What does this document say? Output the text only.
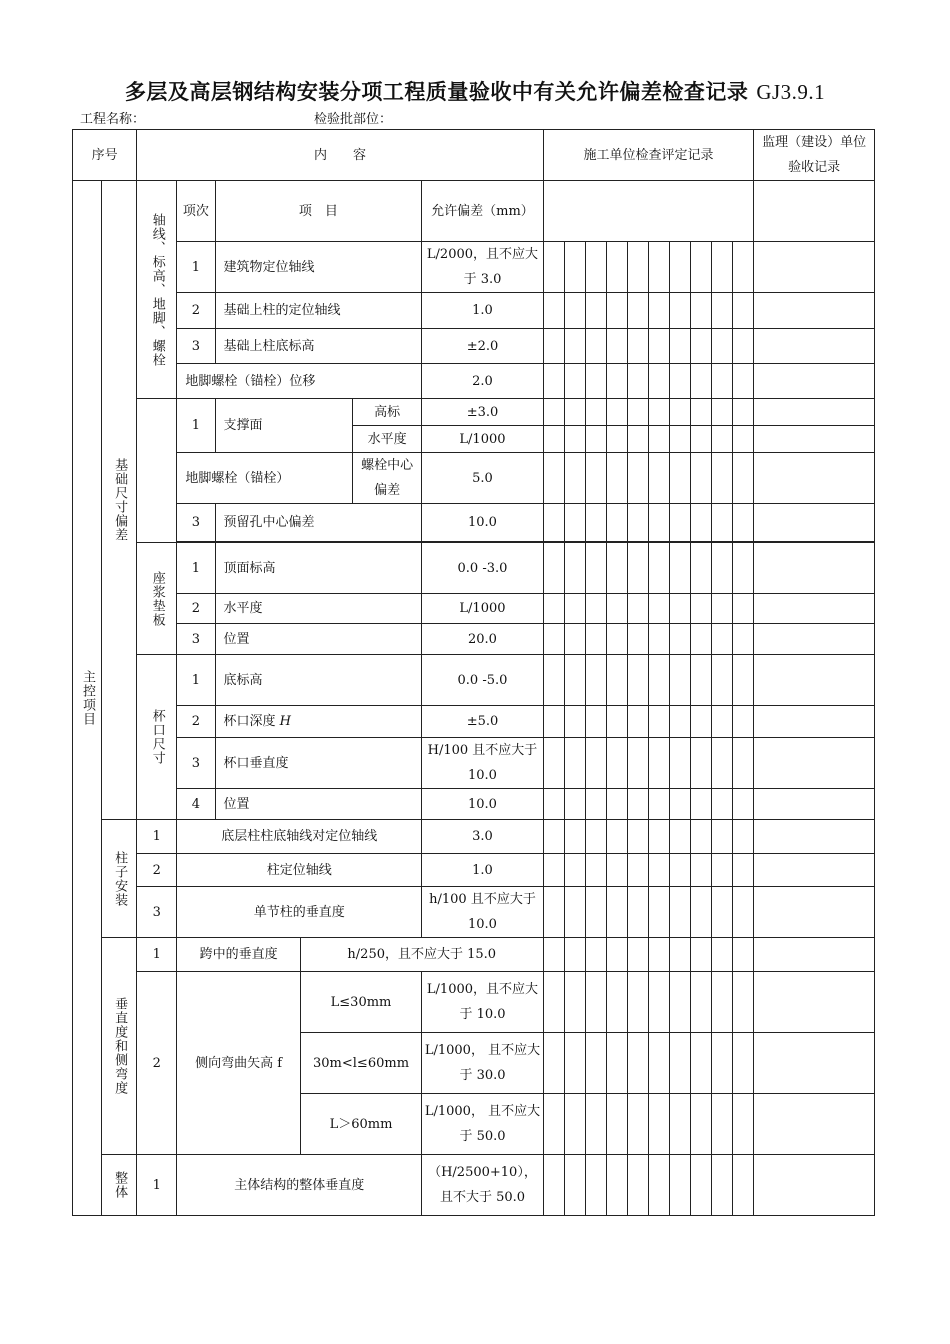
多层及高层钢结构安装分项工程质量验收中有关允许偏差检查记录 GJ3.9.1
工程名称：	检验批部位：
序号		内　　容						施工单位检查评定记录										监理（建设）单位验收记录

主控项目	基础尺寸偏差	轴线、标高、地脚、螺栓	项次	项　目			允许偏差（mm）											
			1	建筑物定位轴线			L/2000，且不应大于 3.0											
			2	基础上柱的定位轴线			1.0											
			3	基础上柱底标高			±2.0											
			地脚螺栓（锚栓）位移				2.0											
			1	支撑面		高标	±3.0											
						水平度	L/1000											
			地脚螺栓（锚栓）			螺栓中心偏差	5.0											
			3	预留孔中心偏差			10.0											

		座浆垫板	1	顶面标高			0.0 -3.0											
			2	水平度			L/1000											
			3	位置			20.0											

		杯口尺寸	1	底标高			0.0 -5.0											
			2	杯口深度 H			±5.0											
			3	杯口垂直度			H/100 且不应大于 10.0											
			4	位置			10.0											

	柱子安装	1	底层柱柱底轴线对定位轴线				3.0											
		2	柱定位轴线				1.0											
		3	单节柱的垂直度				h/100 且不应大于 10.0											

	垂直度和侧弯度	1	跨中的垂直度		h/250，且不应大于 15.0													
		2	侧向弯曲矢高 f		L≤30mm		L/1000，且不应大于 10.0											
					30m<l≤60mm		L/1000， 且不应大于 30.0											
					L＞60mm		L/1000， 且不应大于 50.0											

	整体	1	主体结构的整体垂直度				（H/2500+10），且不大于 50.0											
